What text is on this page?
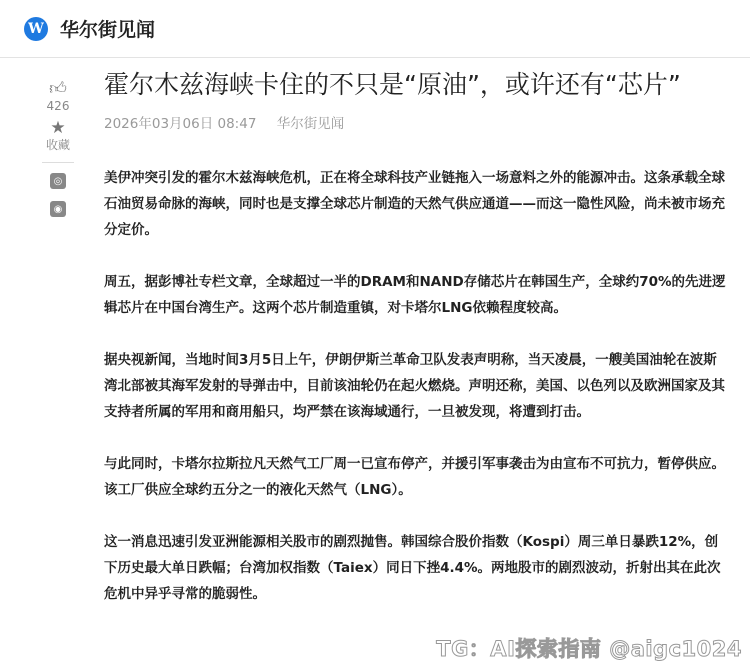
W 华尔街见闻
👍︎
426
★
收藏
◎
◉
霍尔木兹海峡卡住的不只是“原油”，或许还有“芯片”
2026年03月06日 08:47 华尔街见闻

美伊冲突引发的霍尔木兹海峡危机，正在将全球科技产业链拖入一场意料之外的能源冲击。这条承载全球石油贸易命脉的海峡，同时也是支撑全球芯片制造的天然气供应通道——而这一隐性风险，尚未被市场充分定价。

周五，据彭博社专栏文章，全球超过一半的DRAM和NAND存储芯片在韩国生产，全球约70%的先进逻辑芯片在中国台湾生产。这两个芯片制造重镇，对卡塔尔LNG依赖程度较高。

据央视新闻，当地时间3月5日上午，伊朗伊斯兰革命卫队发表声明称，当天凌晨，一艘美国油轮在波斯湾北部被其海军发射的导弹击中，目前该油轮仍在起火燃烧。声明还称，美国、以色列以及欧洲国家及其支持者所属的军用和商用船只，均严禁在该海域通行，一旦被发现，将遭到打击。

与此同时，卡塔尔拉斯拉凡天然气工厂周一已宣布停产，并援引军事袭击为由宣布不可抗力，暂停供应。该工厂供应全球约五分之一的液化天然气（LNG）。

这一消息迅速引发亚洲能源相关股市的剧烈抛售。韩国综合股价指数（Kospi）周三单日暴跌12%，创下历史最大单日跌幅；台湾加权指数（Taiex）同日下挫4.4%。两地股市的剧烈波动，折射出其在此次危机中异乎寻常的脆弱性。

TG：AI探索指南 @aigc1024
